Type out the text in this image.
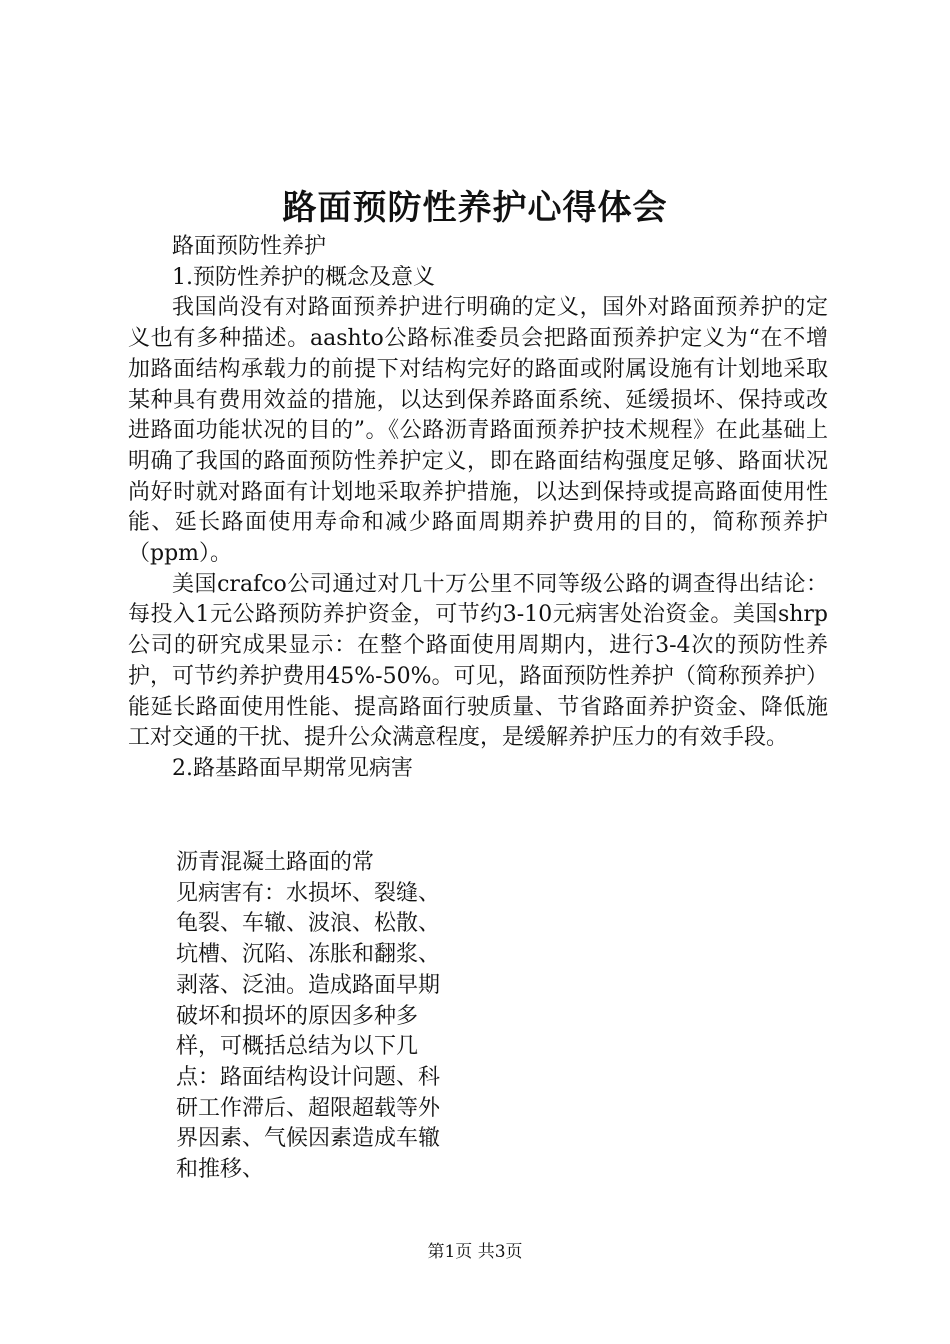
路面预防性养护心得体会

路面预防性养护

1.预防性养护的概念及意义

我国尚没有对路面预养护进行明确的定义，国外对路面预养护的定义也有多种描述。aashto公路标准委员会把路面预养护定义为“在不增加路面结构承载力的前提下对结构完好的路面或附属设施有计划地采取某种具有费用效益的措施，以达到保养路面系统、延缓损坏、保持或改进路面功能状况的目的”。《公路沥青路面预养护技术规程》在此基础上明确了我国的路面预防性养护定义，即在路面结构强度足够、路面状况尚好时就对路面有计划地采取养护措施，以达到保持或提高路面使用性能、延长路面使用寿命和减少路面周期养护费用的目的，简称预养护（ppm）。

美国crafco公司通过对几十万公里不同等级公路的调查得出结论：每投入1元公路预防养护资金，可节约3-10元病害处治资金。美国shrp公司的研究成果显示：在整个路面使用周期内，进行3-4次的预防性养护，可节约养护费用45%-50%。可见，路面预防性养护（简称预养护）能延长路面使用性能、提高路面行驶质量、节省路面养护资金、降低施工对交通的干扰、提升公众满意程度，是缓解养护压力的有效手段。

2.路基路面早期常见病害

沥青混凝土路面的常
见病害有：水损坏、裂缝、
龟裂、车辙、波浪、松散、
坑槽、沉陷、冻胀和翻浆、
剥落、泛油。造成路面早期
破坏和损坏的原因多种多
样，可概括总结为以下几
点：路面结构设计问题、科
研工作滞后、超限超载等外
界因素、气候因素造成车辙
和推移、
第1页 共3页
